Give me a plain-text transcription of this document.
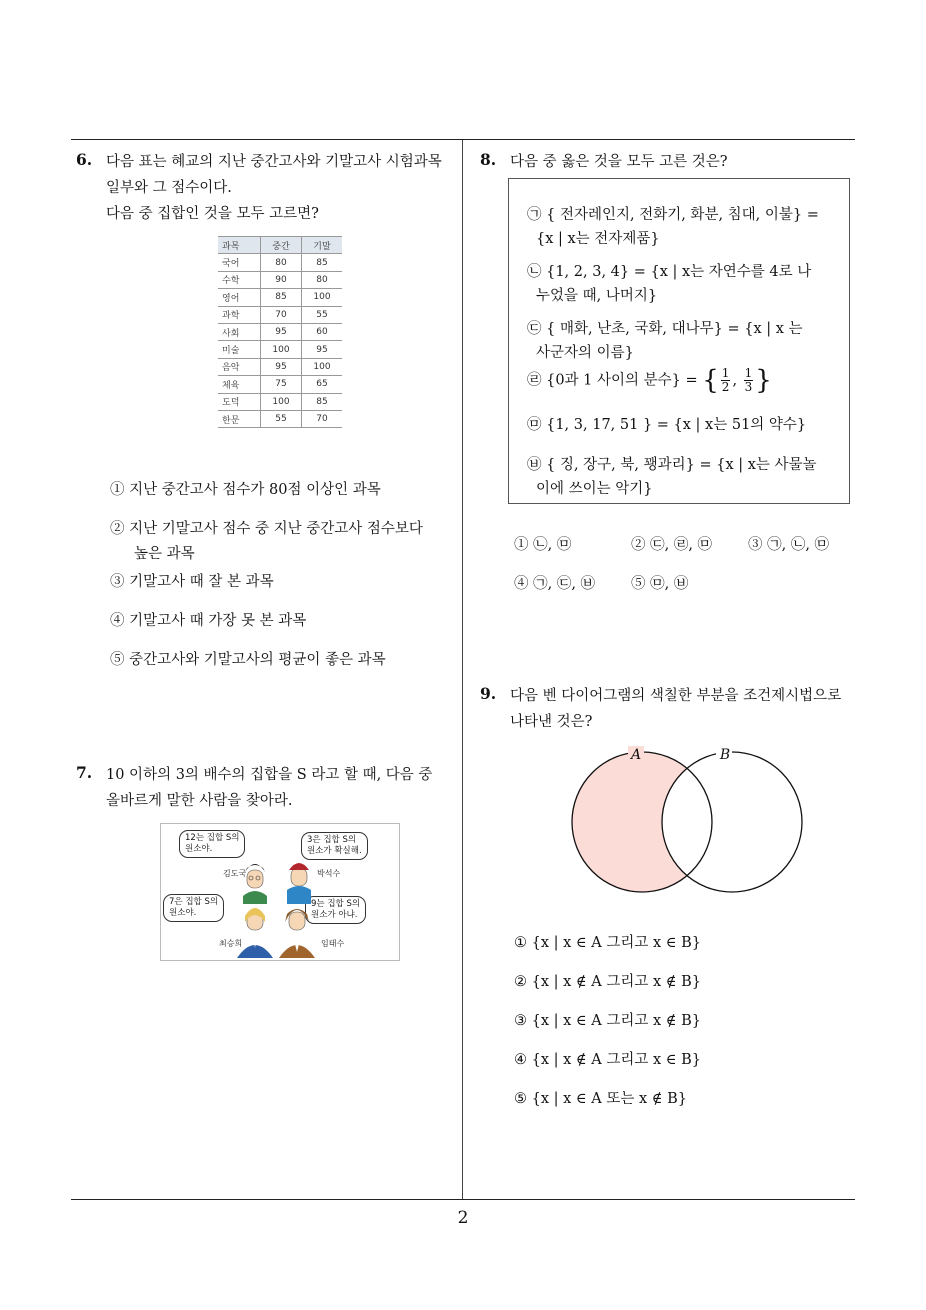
6. 다음 표는 혜교의 지난 중간고사와 기말고사 시험과목
일부와 그 점수이다.
다음 중 집합인 것을 모두 고르면?
과목	중간	기말
국어	80	85
수학	90	80
영어	85	100
과학	70	55
사회	95	60
미술	100	95
음악	95	100
체육	75	65
도덕	100	85
한문	55	70
① 지난 중간고사 점수가 80점 이상인 과목
② 지난 기말고사 점수 중 지난 중간고사 점수보다
높은 과목
③ 기말고사 때 잘 본 과목
④ 기말고사 때 가장 못 본 과목
⑤ 중간고사와 기말고사의 평균이 좋은 과목
7. 10 이하의 3의 배수의 집합을 S 라고 할 때, 다음 중
올바르게 말한 사람을 찾아라.
12는 집합 S의
원소야.
3은 집합 S의
원소가 확실해.
7은 집합 S의
원소야.
9는 집합 S의
원소가 아냐.
김도국	박석수
최승희	임태수
8. 다음 중 옳은 것을 모두 고른 것은?
㉠ { 전자레인지, 전화기, 화분, 침대, 이불} =
{x | x는 전자제품}
㉡ {1, 2, 3, 4} = {x | x는 자연수를 4로 나
누었을 때, 나머지}
㉢ { 매화, 난초, 국화, 대나무} = {x | x 는
사군자의 이름}
㉣ {0과 1 사이의 분수} = { $\frac{1}{2}$ , $\frac{1}{3}$ }
㉤ {1, 3, 17, 51 } = {x | x는 51의 약수}
㉥ { 징, 장구, 북, 꽹과리} = {x | x는 사물놀
이에 쓰이는 악기}
① ㉡, ㉤	② ㉢, ㉣, ㉤ ③ ㉠, ㉡, ㉤
④ ㉠, ㉢, ㉥ ⑤ ㉤, ㉥
9. 다음 벤 다이어그램의 색칠한 부분을 조건제시법으로
나타낸 것은?
A	B
① {x | x ∈ A 그리고 x ∈ B}
② {x | x ∉ A 그리고 x ∉ B}
③ {x | x ∈ A 그리고 x ∉ B}
④ {x | x ∉ A 그리고 x ∈ B}
⑤ {x | x ∈ A 또는 x ∉ B}
2
